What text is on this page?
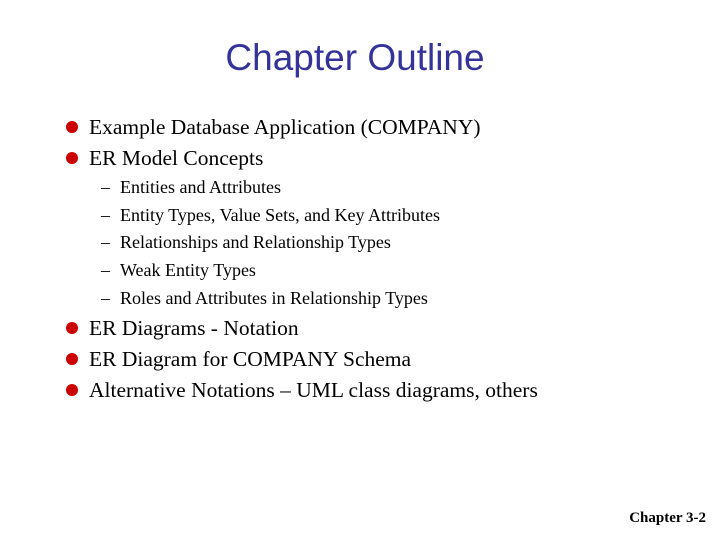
Chapter Outline
Example Database Application (COMPANY)
ER Model Concepts
– Entities and Attributes
– Entity Types, Value Sets, and Key Attributes
– Relationships and Relationship Types
– Weak Entity Types
– Roles and Attributes in Relationship Types
ER Diagrams - Notation
ER Diagram for COMPANY Schema
Alternative Notations – UML class diagrams, others
Chapter 3-2
